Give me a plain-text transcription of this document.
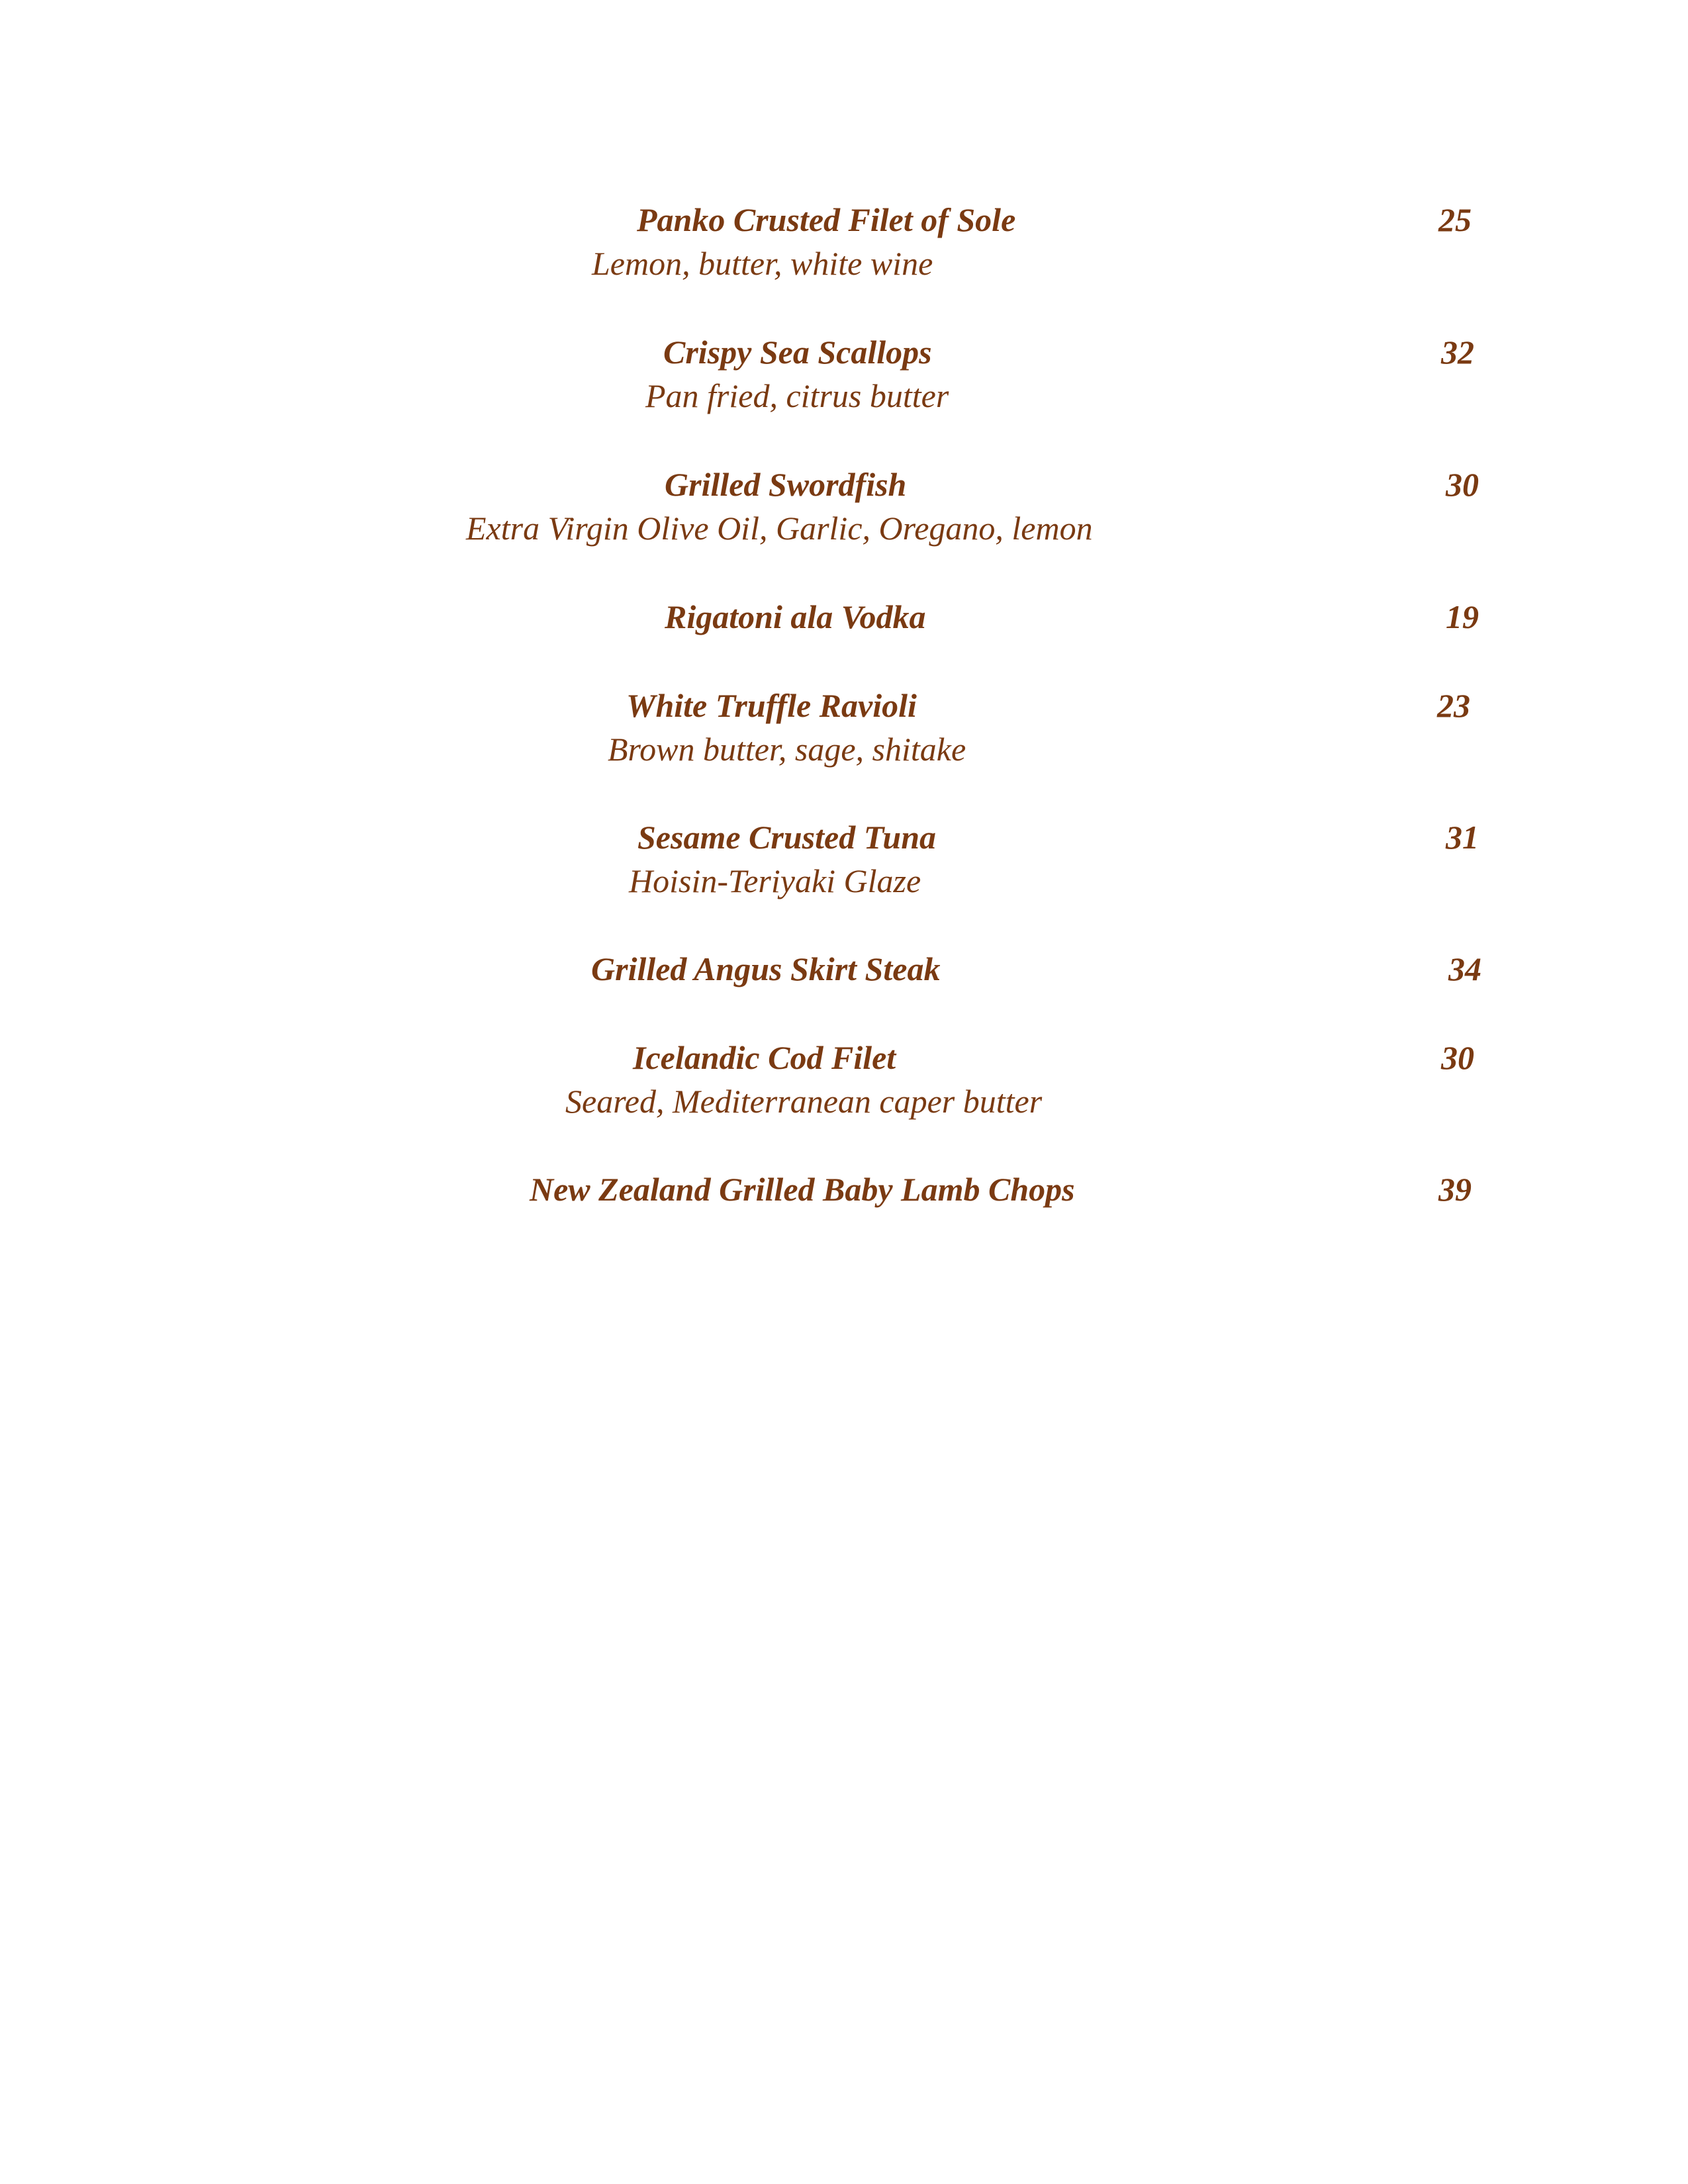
Panko Crusted Filet of Sole	25
Lemon, butter, white wine
Crispy Sea Scallops	32
Pan fried, citrus butter
Grilled Swordfish	30
Extra Virgin Olive Oil, Garlic, Oregano, lemon
Rigatoni ala Vodka	19
White Truffle Ravioli	23
Brown butter, sage, shitake
Sesame Crusted Tuna	31
Hoisin-Teriyaki Glaze
Grilled Angus Skirt Steak	34
Icelandic Cod Filet	30
Seared, Mediterranean caper butter
New Zealand Grilled Baby Lamb Chops	39
